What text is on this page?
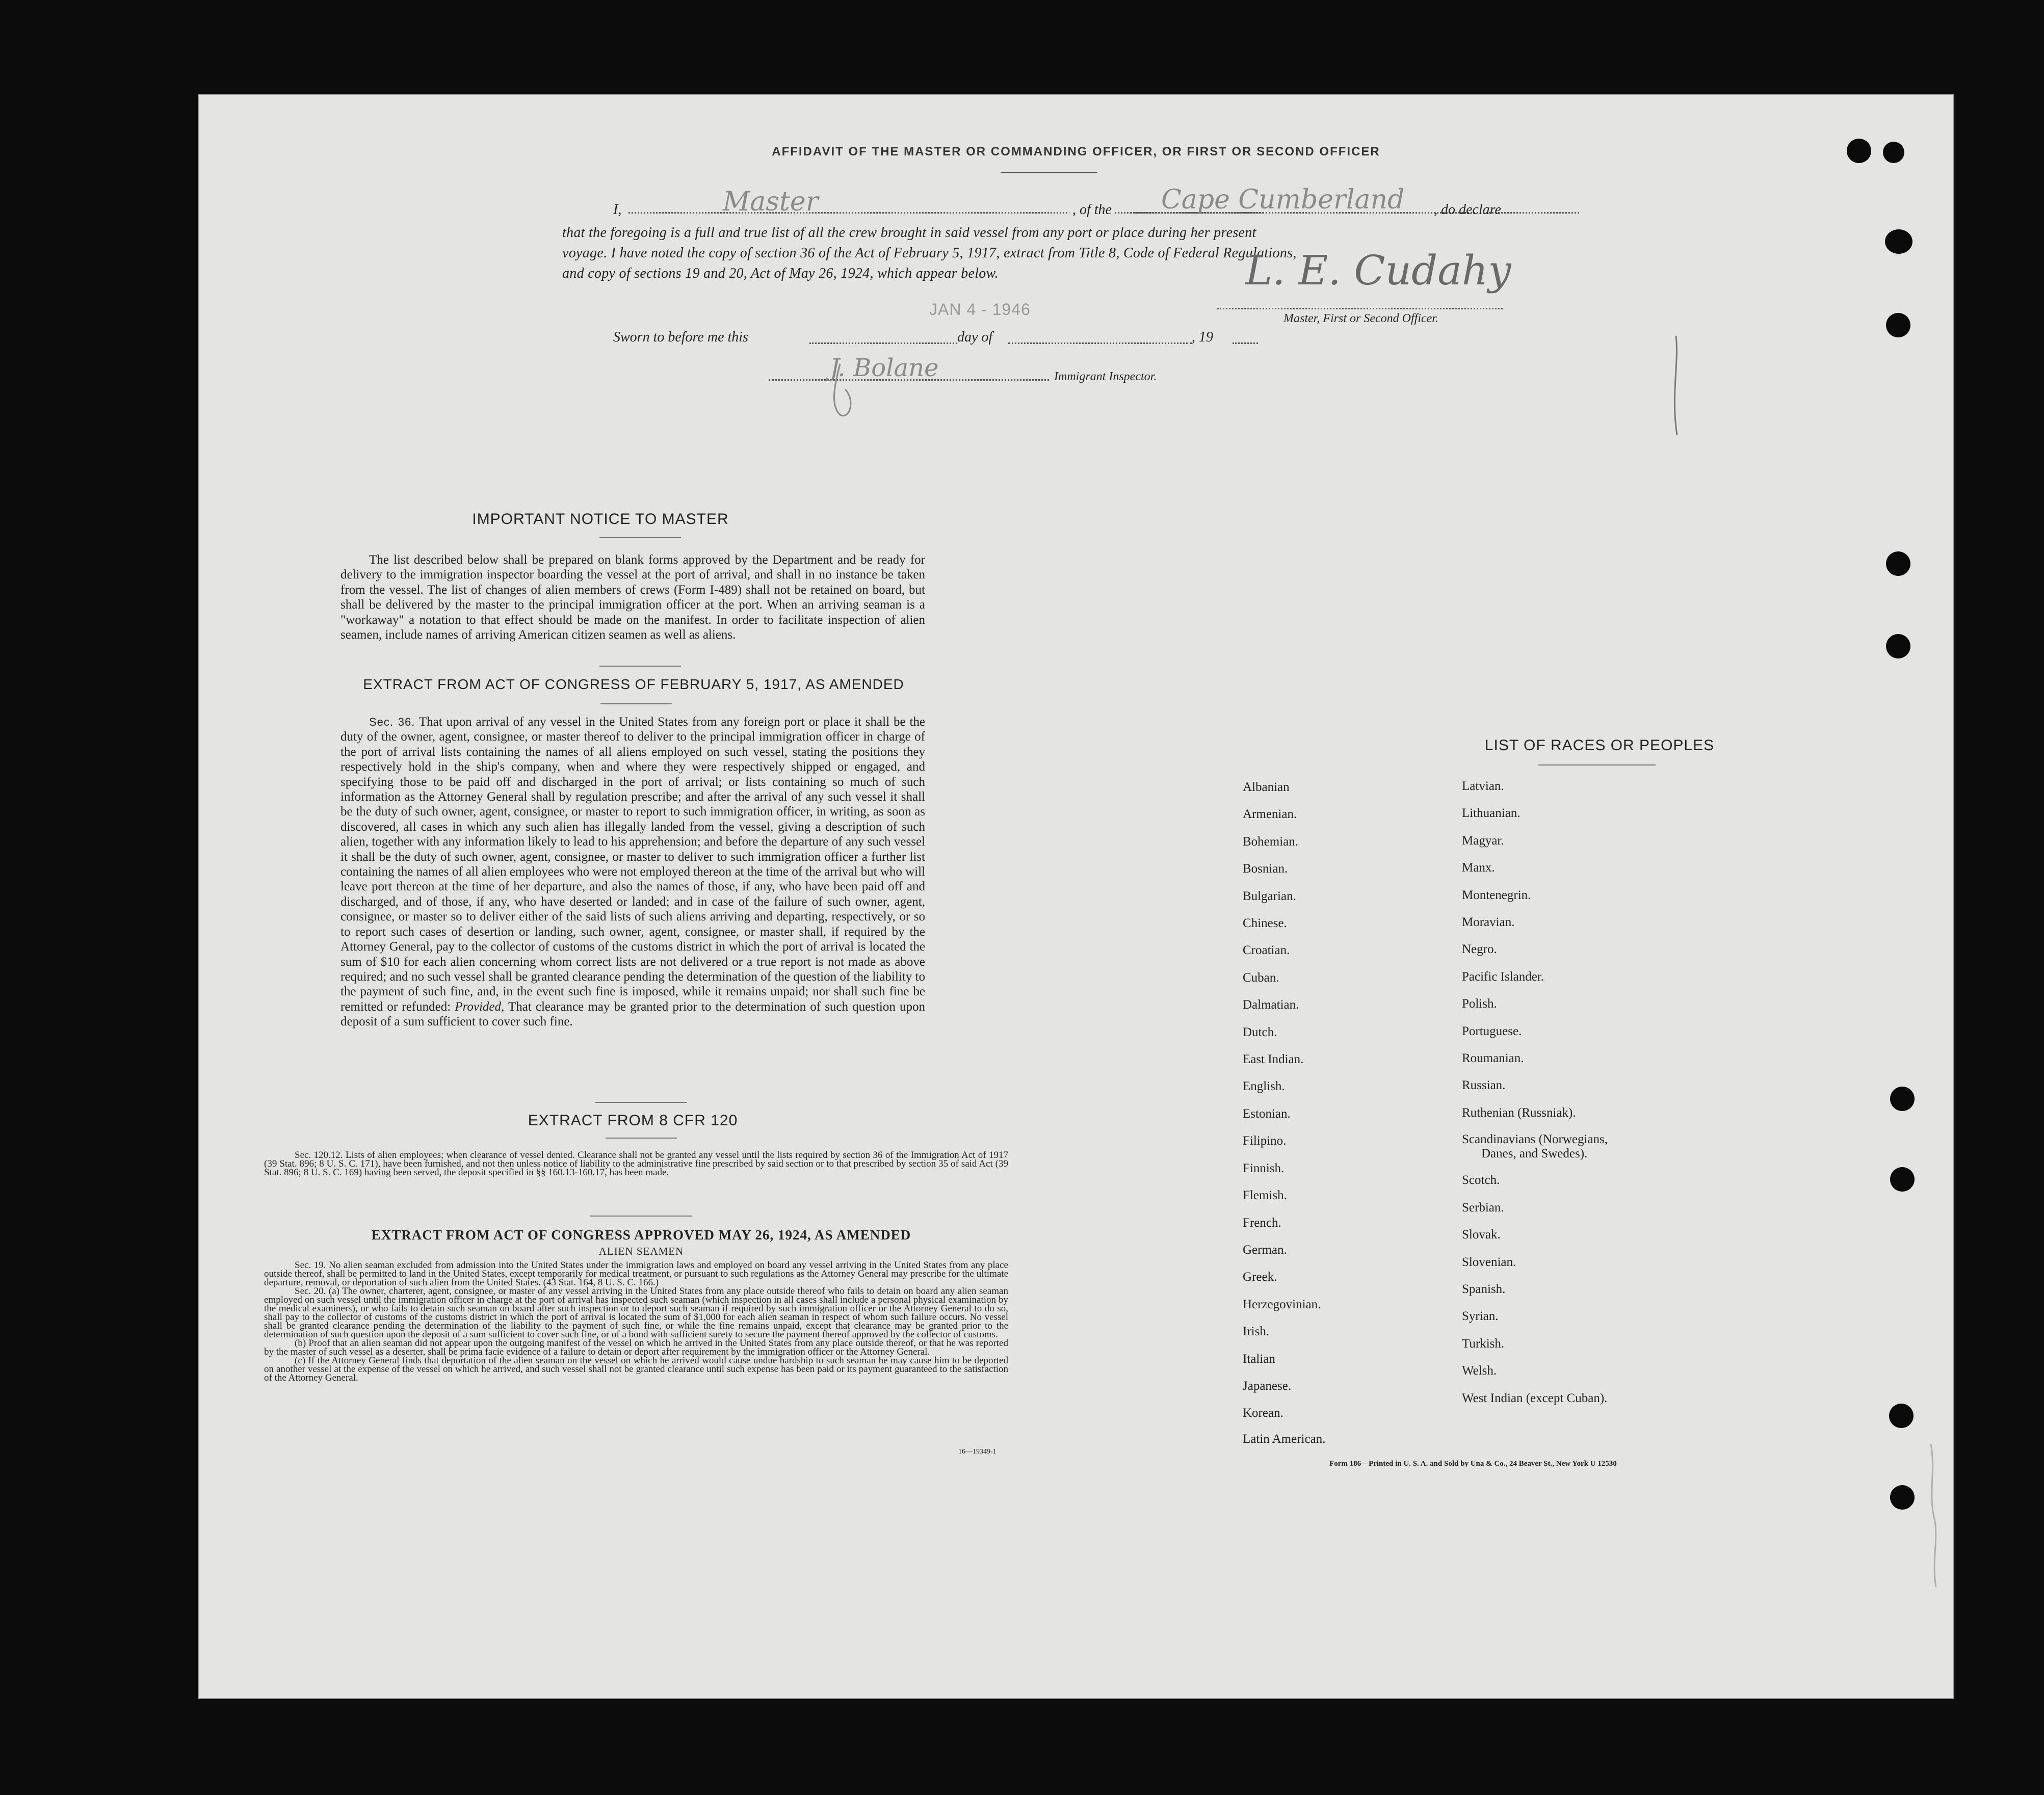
AFFIDAVIT OF THE MASTER OR COMMANDING OFFICER, OR FIRST OR SECOND OFFICER
I,	Master	, of the Cape Cumberland , do declare
that the foregoing is a full and true list of all the crew brought in said vessel from any port or place during her present
voyage. I have noted the copy of section 36 of the Act of February 5, 1917, extract from Title 8, Code of Federal Regulations,
and copy of sections 19 and 20, Act of May 26, 1924, which appear below.	L. E. Cudahy
Master, First or Second Officer.
JAN 4 - 1946
Sworn to before me this	day of	, 19
J. Bolane	Immigrant Inspector.
IMPORTANT NOTICE TO MASTER
The list described below shall be prepared on blank forms approved by the Department and be ready for delivery to the immigration inspector boarding the vessel at the port of arrival, and shall in no instance be taken from the vessel. The list of changes of alien members of crews (Form I-489) shall not be retained on board, but shall be delivered by the master to the principal immigration officer at the port. When an arriving seaman is a "workaway" a notation to that effect should be made on the manifest. In order to facilitate inspection of alien seamen, include names of arriving American citizen seamen as well as aliens.
EXTRACT FROM ACT OF CONGRESS OF FEBRUARY 5, 1917, AS AMENDED
Sec. 36. That upon arrival of any vessel in the United States from any foreign port or place it shall be the duty of the owner, agent, consignee, or master thereof to deliver to the principal immigration officer in charge of the port of arrival lists containing the names of all aliens employed on such vessel, stating the positions they respectively hold in the ship's company, when and where they were respectively shipped or engaged, and specifying those to be paid off and discharged in the port of arrival; or lists containing so much of such information as the Attorney General shall by regulation prescribe; and after the arrival of any such vessel it shall be the duty of such owner, agent, consignee, or master to report to such immigration officer, in writing, as soon as discovered, all cases in which any such alien has illegally landed from the vessel, giving a description of such alien, together with any information likely to lead to his apprehension; and before the departure of any such vessel it shall be the duty of such owner, agent, consignee, or master to deliver to such immigration officer a further list containing the names of all alien employees who were not employed thereon at the time of the arrival but who will leave port thereon at the time of her departure, and also the names of those, if any, who have been paid off and discharged, and of those, if any, who have deserted or landed; and in case of the failure of such owner, agent, consignee, or master so to deliver either of the said lists of such aliens arriving and departing, respectively, or so to report such cases of desertion or landing, such owner, agent, consignee, or master shall, if required by the Attorney General, pay to the collector of customs of the customs district in which the port of arrival is located the sum of $10 for each alien concerning whom correct lists are not delivered or a true report is not made as above required; and no such vessel shall be granted clearance pending the determination of the question of the liability to the payment of such fine, and, in the event such fine is imposed, while it remains unpaid; nor shall such fine be remitted or refunded: Provided, That clearance may be granted prior to the determination of such question upon deposit of a sum sufficient to cover such fine.
EXTRACT FROM 8 CFR 120
Sec. 120.12. Lists of alien employees; when clearance of vessel denied. Clearance shall not be granted any vessel until the lists required by section 36 of the Immigration Act of 1917 (39 Stat. 896; 8 U. S. C. 171), have been furnished, and not then unless notice of liability to the administrative fine prescribed by said section or to that prescribed by section 35 of said Act (39 Stat. 896; 8 U. S. C. 169) having been served, the deposit specified in §§ 160.13-160.17, has been made.
EXTRACT FROM ACT OF CONGRESS APPROVED MAY 26, 1924, AS AMENDED
ALIEN SEAMEN
Sec. 19. No alien seaman excluded from admission into the United States under the immigration laws and employed on board any vessel arriving in the United States from any place outside thereof, shall be permitted to land in the United States, except temporarily for medical treatment, or pursuant to such regulations as the Attorney General may prescribe for the ultimate departure, removal, or deportation of such alien from the United States. (43 Stat. 164, 8 U. S. C. 166.)
Sec. 20. (a) The owner, charterer, agent, consignee, or master of any vessel arriving in the United States from any place outside thereof who fails to detain on board any alien seaman employed on such vessel until the immigration officer in charge at the port of arrival has inspected such seaman (which inspection in all cases shall include a personal physical examination by the medical examiners), or who fails to detain such seaman on board after such inspection or to deport such seaman if required by such immigration officer or the Attorney General to do so, shall pay to the collector of customs of the customs district in which the port of arrival is located the sum of $1,000 for each alien seaman in respect of whom such failure occurs. No vessel shall be granted clearance pending the determination of the liability to the payment of such fine, or while the fine remains unpaid, except that clearance may be granted prior to the determination of such question upon the deposit of a sum sufficient to cover such fine, or of a bond with sufficient surety to secure the payment thereof approved by the collector of customs.
(b) Proof that an alien seaman did not appear upon the outgoing manifest of the vessel on which he arrived in the United States from any place outside thereof, or that he was reported by the master of such vessel as a deserter, shall be prima facie evidence of a failure to detain or deport after requirement by the immigration officer or the Attorney General.
(c) If the Attorney General finds that deportation of the alien seaman on the vessel on which he arrived would cause undue hardship to such seaman he may cause him to be deported on another vessel at the expense of the vessel on which he arrived, and such vessel shall not be granted clearance until such expense has been paid or its payment guaranteed to the satisfaction of the Attorney General.
16—19349-1
LIST OF RACES OR PEOPLES
Albanian
Armenian.
Bohemian.
Bosnian.
Bulgarian.
Chinese.
Croatian.
Cuban.
Dalmatian.
Dutch.
East Indian.
English.
Estonian.
Filipino.
Finnish.
Flemish.
French.
German.
Greek.
Herzegovinian.
Irish.
Italian
Japanese.
Korean.
Latin American.
Latvian.
Lithuanian.
Magyar.
Manx.
Montenegrin.
Moravian.
Negro.
Pacific Islander.
Polish.
Portuguese.
Roumanian.
Russian.
Ruthenian (Russniak).
Scandinavians (Norwegians,
Danes, and Swedes).
Scotch.
Serbian.
Slovak.
Slovenian.
Spanish.
Syrian.
Turkish.
Welsh.
West Indian (except Cuban).
Form 186—Printed in U. S. A. and Sold by Una & Co., 24 Beaver St., New York U 12530
